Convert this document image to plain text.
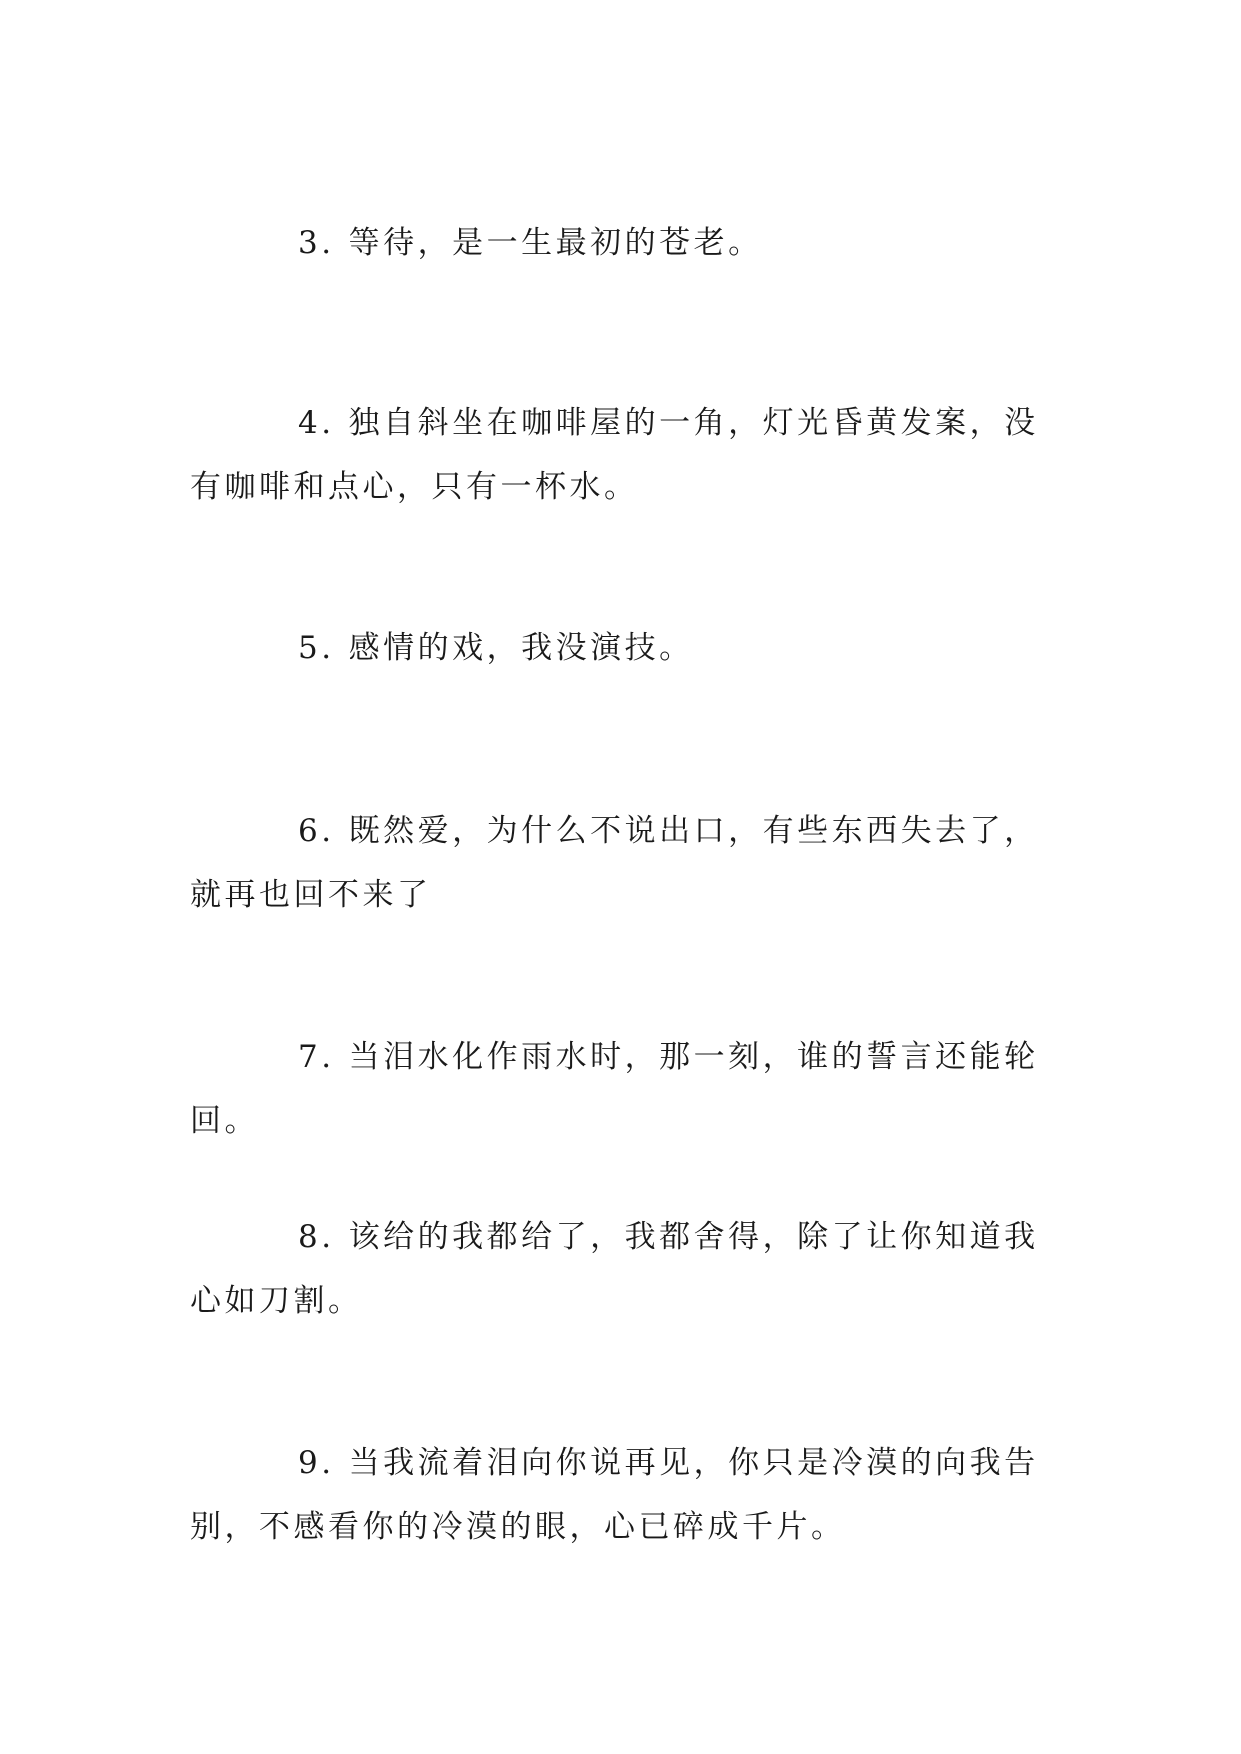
3. 等待，是一生最初的苍老。

4. 独自斜坐在咖啡屋的一角，灯光昏黄发案，没有咖啡和点心，只有一杯水。

5. 感情的戏，我没演技。

6. 既然爱，为什么不说出口，有些东西失去了，就再也回不来了

7. 当泪水化作雨水时，那一刻，谁的誓言还能轮回。

8. 该给的我都给了，我都舍得，除了让你知道我心如刀割。

9. 当我流着泪向你说再见，你只是冷漠的向我告别，不感看你的冷漠的眼，心已碎成千片。
